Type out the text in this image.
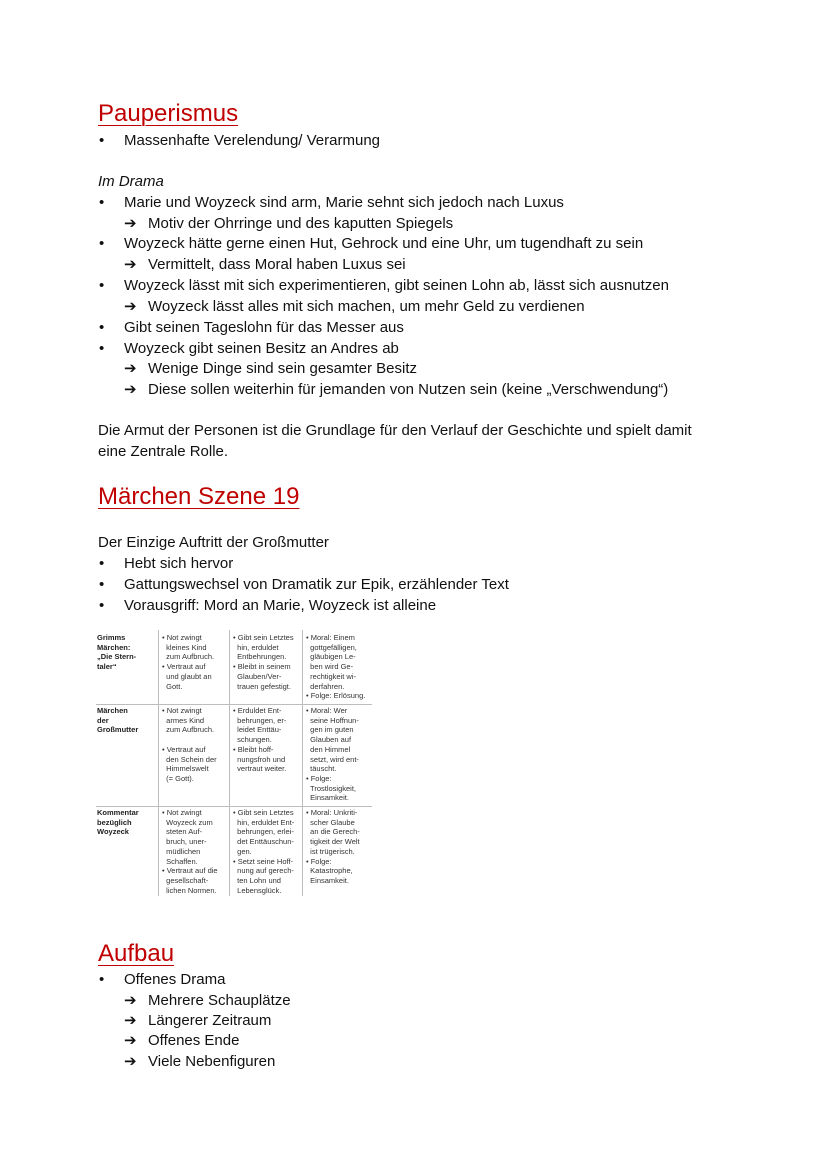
Pauperismus
• Massenhafte Verelendung/ Verarmung
Im Drama
• Marie und Woyzeck sind arm, Marie sehnt sich jedoch nach Luxus
➔ Motiv der Ohrringe und des kaputten Spiegels
• Woyzeck hätte gerne einen Hut, Gehrock und eine Uhr, um tugendhaft zu sein
➔ Vermittelt, dass Moral haben Luxus sei
• Woyzeck lässt mit sich experimentieren, gibt seinen Lohn ab, lässt sich ausnutzen
➔ Woyzeck lässt alles mit sich machen, um mehr Geld zu verdienen
• Gibt seinen Tageslohn für das Messer aus
• Woyzeck gibt seinen Besitz an Andres ab
➔ Wenige Dinge sind sein gesamter Besitz
➔ Diese sollen weiterhin für jemanden von Nutzen sein (keine „Verschwendung“)
Die Armut der Personen ist die Grundlage für den Verlauf der Geschichte und spielt damit
eine Zentrale Rolle.
Märchen Szene 19
Der Einzige Auftritt der Großmutter
• Hebt sich hervor
• Gattungswechsel von Dramatik zur Epik, erzählender Text
• Vorausgriff: Mord an Marie, Woyzeck ist alleine
Grimms
Märchen:
„Die Stern-
taler“
• Not zwingt
kleines Kind
zum Aufbruch.
• Vertraut auf
und glaubt an
Gott.
• Gibt sein Letztes
hin, erduldet
Entbehrungen.
• Bleibt in seinem
Glauben/Ver-
trauen gefestigt.
• Moral: Einem
gottgefälligen,
gläubigen Le-
ben wird Ge-
rechtigkeit wi-
derfahren.
• Folge: Erlösung.
Märchen
der
Großmutter
• Not zwingt
armes Kind
zum Aufbruch.

• Vertraut auf
den Schein der
Himmelswelt
(= Gott).
• Erduldet Ent-
behrungen, er-
leidet Enttäu-
schungen.
• Bleibt hoff-
nungsfroh und
vertraut weiter.
• Moral: Wer
seine Hoffnun-
gen im guten
Glauben auf
den Himmel
setzt, wird ent-
täuscht.
• Folge:
Trostlosigkeit,
Einsamkeit.
Kommentar
bezüglich
Woyzeck
• Not zwingt
Woyzeck zum
steten Auf-
bruch, uner-
müdlichen
Schaffen.
• Vertraut auf die
gesellschaft-
lichen Normen.
• Gibt sein Letztes
hin, erduldet Ent-
behrungen, erlei-
det Enttäuschun-
gen.
• Setzt seine Hoff-
nung auf gerech-
ten Lohn und
Lebensglück.
• Moral: Unkriti-
scher Glaube
an die Gerech-
tigkeit der Welt
ist trügerisch.
• Folge:
Katastrophe,
Einsamkeit.
Aufbau
• Offenes Drama
➔ Mehrere Schauplätze
➔ Längerer Zeitraum
➔ Offenes Ende
➔ Viele Nebenfiguren
